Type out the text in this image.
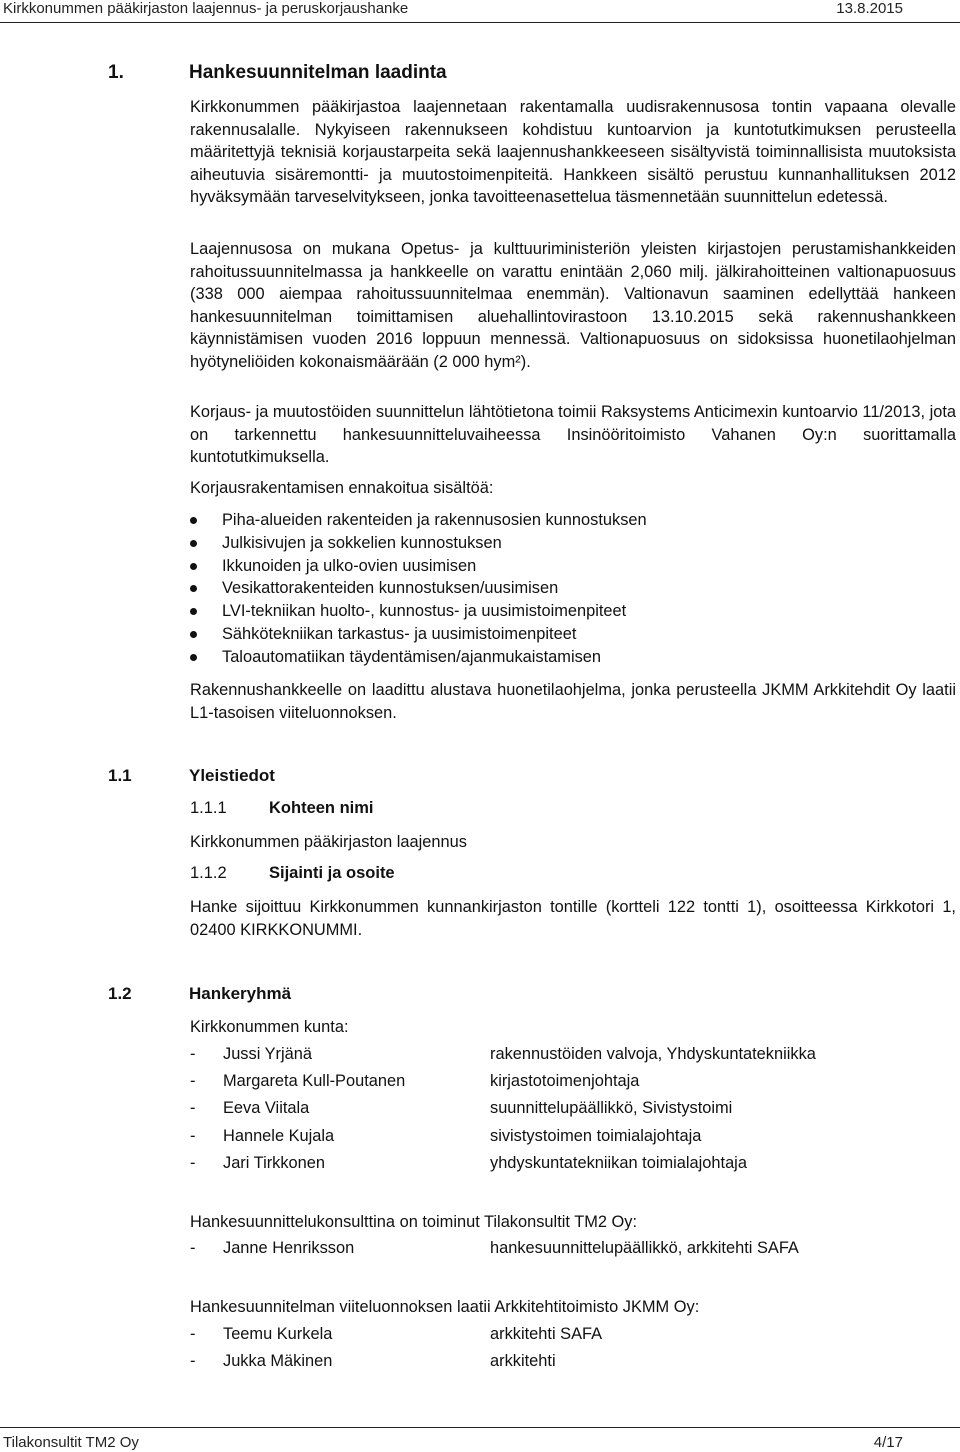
Kirkkonummen pääkirjaston laajennus- ja peruskorjaushanke	13.8.2015
1.	Hankesuunnitelman laadinta
Kirkkonummen pääkirjastoa laajennetaan rakentamalla uudisrakennusosa tontin vapaana olevalle rakennusalalle. Nykyiseen rakennukseen kohdistuu kuntoarvion ja kuntotutkimuksen perusteella määritettyjä teknisiä korjaustarpeita sekä laajennushankkeeseen sisältyvistä toiminnallisista muutoksista aiheutuvia sisäremontti- ja muutostoimenpiteitä. Hankkeen sisältö perustuu kunnanhallituksen 2012 hyväksymään tarveselvitykseen, jonka tavoitteenasettelua täsmennetään suunnittelun edetessä.
Laajennusosa on mukana Opetus- ja kulttuuriministeriön yleisten kirjastojen perustamishankkeiden rahoitussuunnitelmassa ja hankkeelle on varattu enintään 2,060 milj. jälkirahoitteinen valtionapuosuus (338 000 aiempaa rahoitussuunnitelmaa enemmän). Valtionavun saaminen edellyttää hankeen hankesuunnitelman toimittamisen aluehallintovirastoon 13.10.2015 sekä rakennushankkeen käynnistämisen vuoden 2016 loppuun mennessä. Valtionapuosuus on sidoksissa huonetilaohjelman hyötyneliöiden kokonaismäärään (2 000 hym²).
Korjaus- ja muutostöiden suunnittelun lähtötietona toimii Raksystems Anticimexin kuntoarvio 11/2013, jota on tarkennettu hankesuunnitteluvaiheessa Insinööritoimisto Vahanen Oy:n suorittamalla kuntotutkimuksella.
Korjausrakentamisen ennakoitua sisältöä:
Piha-alueiden rakenteiden ja rakennusosien kunnostuksen
Julkisivujen ja sokkelien kunnostuksen
Ikkunoiden ja ulko-ovien uusimisen
Vesikattorakenteiden kunnostuksen/uusimisen
LVI-tekniikan huolto-, kunnostus- ja uusimistoimenpiteet
Sähkötekniikan tarkastus- ja uusimistoimenpiteet
Taloautomatiikan täydentämisen/ajanmukaistamisen
Rakennushankkeelle on laadittu alustava huonetilaohjelma, jonka perusteella JKMM Arkkitehdit Oy laatii L1-tasoisen viiteluonnoksen.
1.1	Yleistiedot
1.1.1	Kohteen nimi
Kirkkonummen pääkirjaston laajennus
1.1.2	Sijainti ja osoite
Hanke sijoittuu Kirkkonummen kunnankirjaston tontille (kortteli 122 tontti 1), osoitteessa Kirkkotori 1, 02400 KIRKKONUMMI.
1.2	Hankeryhmä
Kirkkonummen kunta:
- Jussi Yrjänä	rakennustöiden valvoja, Yhdyskuntatekniikka
- Margareta Kull-Poutanen	kirjastotoimenjohtaja
- Eeva Viitala	suunnittelupäällikkö, Sivistystoimi
- Hannele Kujala	sivistystoimen toimialajohtaja
- Jari Tirkkonen	yhdyskuntatekniikan toimialajohtaja
Hankesuunnittelukonsulttina on toiminut Tilakonsultit TM2 Oy:
- Janne Henriksson	hankesuunnittelupäällikkö, arkkitehti SAFA
Hankesuunnitelman viiteluonnoksen laatii Arkkitehtitoimisto JKMM Oy:
- Teemu Kurkela	arkkitehti SAFA
- Jukka Mäkinen	arkkitehti
Tilakonsultit TM2 Oy	4/17
